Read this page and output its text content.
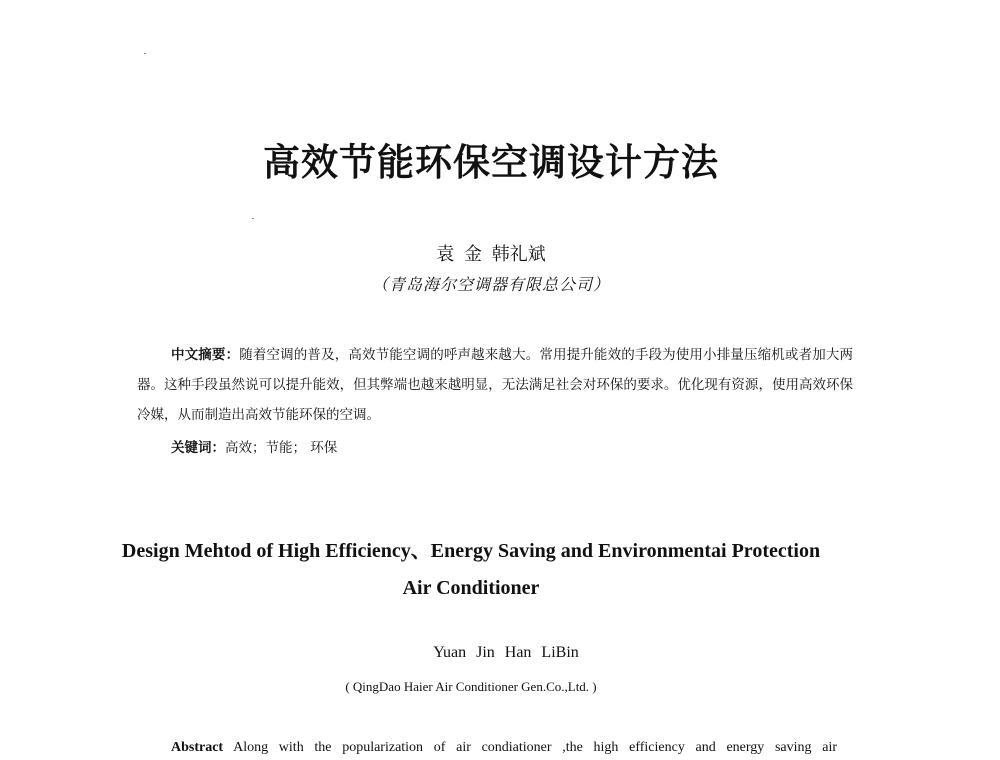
高效节能环保空调设计方法
袁 金 韩礼斌
（青岛海尔空调器有限总公司）
中文摘要：随着空调的普及，高效节能空调的呼声越来越大。常用提升能效的手段为使用小排量压缩机或者加大两器。这种手段虽然说可以提升能效，但其弊端也越来越明显，无法满足社会对环保的要求。优化现有资源，使用高效环保冷媒，从而制造出高效节能环保的空调。
关键词：高效；节能； 环保
Design Mehtod of High Efficiency、Energy Saving and Environmentai Protection
Air Conditioner
Yuan Jin Han LiBin
( QingDao Haier Air Conditioner Gen.Co.,Ltd. )
Abstract Along with the popularization of air condiationer ,the high efficiency and energy saving air
